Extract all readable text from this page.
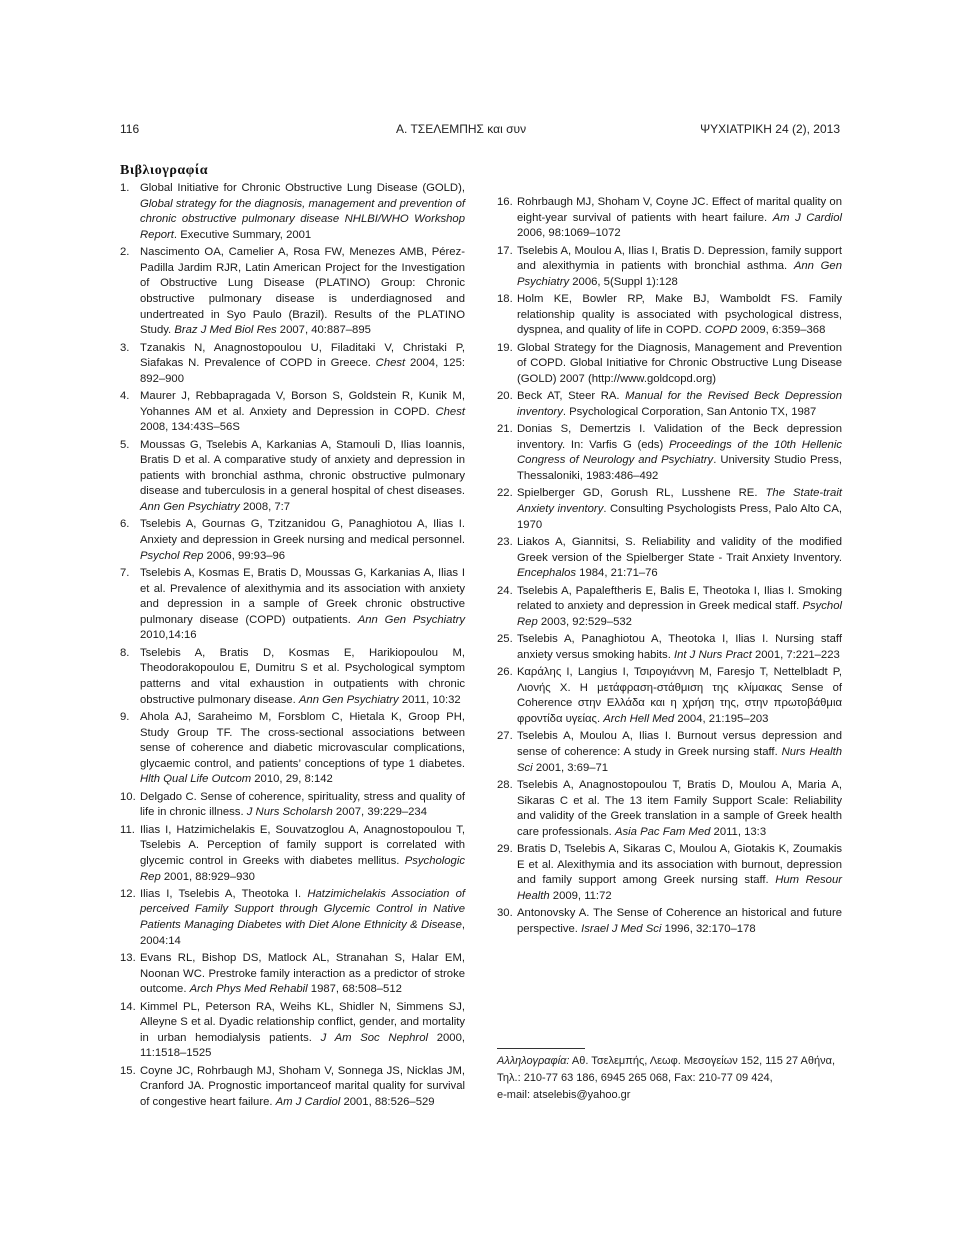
116	Α. ΤΣΕΛΕΜΠΗΣ και συν	ΨΥΧΙΑΤΡΙΚΗ 24 (2), 2013
Βιβλιογραφία
1. Global Initiative for Chronic Obstructive Lung Disease (GOLD), Global strategy for the diagnosis, management and prevention of chronic obstructive pulmonary disease NHLBI/WHO Workshop Report. Executive Summary, 2001
2. Nascimento OA, Camelier A, Rosa FW, Menezes AMB, Pérez-Padilla Jardim RJR, Latin American Project for the Investigation of Obstructive Lung Disease (PLATINO) Group: Chronic obstructive pulmonary disease is underdiagnosed and undertreated in Syo Paulo (Brazil). Results of the PLATINO Study. Braz J Med Biol Res 2007, 40:887–895
3. Tzanakis N, Anagnostopoulou U, Filaditaki V, Christaki P, Siafakas N. Prevalence of COPD in Greece. Chest 2004, 125: 892–900
4. Maurer J, Rebbapragada V, Borson S, Goldstein R, Kunik M, Yohannes AM et al. Anxiety and Depression in COPD. Chest 2008, 134:43S–56S
5. Moussas G, Tselebis A, Karkanias A, Stamouli D, Ilias Ioannis, Bratis D et al. A comparative study of anxiety and depression in patients with bronchial asthma, chronic obstructive pulmonary disease and tuberculosis in a general hospital of chest diseases. Ann Gen Psychiatry 2008, 7:7
6. Tselebis A, Gournas G, Tzitzanidou G, Panaghiotou A, Ilias I. Anxiety and depression in Greek nursing and medical personnel. Psychol Rep 2006, 99:93–96
7. Tselebis A, Kosmas E, Bratis D, Moussas G, Karkanias A, Ilias I et al. Prevalence of alexithymia and its association with anxiety and depression in a sample of Greek chronic obstructive pulmonary disease (COPD) outpatients. Ann Gen Psychiatry 2010,14:16
8. Tselebis A, Bratis D, Kosmas E, Harikiopoulou M, Theodorakopoulou E, Dumitru S et al. Psychological symptom patterns and vital exhaustion in outpatients with chronic obstructive pulmonary disease. Ann Gen Psychiatry 2011, 10:32
9. Ahola AJ, Saraheimo M, Forsblom C, Hietala K, Groop PH, Study Group TF. The cross-sectional associations between sense of coherence and diabetic microvascular complications, glycaemic control, and patients’ conceptions of type 1 diabetes. Hlth Qual Life Outcom 2010, 29, 8:142
10. Delgado C. Sense of coherence, spirituality, stress and quality of life in chronic illness. J Nurs Scholarsh 2007, 39:229–234
11. Ilias I, Hatzimichelakis E, Souvatzoglou A, Anagnostopoulou T, Tselebis A. Perception of family support is correlated with glycemic control in Greeks with diabetes mellitus. Psychologic Rep 2001, 88:929–930
12. Ilias I, Tselebis A, Theotoka I. Hatzimichelakis Association of perceived Family Support through Glycemic Control in Native Patients Managing Diabetes with Diet Alone Ethnicity & Disease, 2004:14
13. Evans RL, Bishop DS, Matlock AL, Stranahan S, Halar EM, Noonan WC. Prestroke family interaction as a predictor of stroke outcome. Arch Phys Med Rehabil 1987, 68:508–512
14. Kimmel PL, Peterson RA, Weihs KL, Shidler N, Simmens SJ, Alleyne S et al. Dyadic relationship conflict, gender, and mortality in urban hemodialysis patients. J Am Soc Nephrol 2000, 11:1518–1525
15. Coyne JC, Rohrbaugh MJ, Shoham V, Sonnega JS, Nicklas JM, Cranford JA. Prognostic importanceof marital quality for survival of congestive heart failure. Am J Cardiol 2001, 88:526–529
16. Rohrbaugh MJ, Shoham V, Coyne JC. Effect of marital quality on eight-year survival of patients with heart failure. Am J Cardiol 2006, 98:1069–1072
17. Tselebis A, Moulou A, Ilias I, Bratis D. Depression, family support and alexithymia in patients with bronchial asthma. Ann Gen Psychiatry 2006, 5(Suppl 1):128
18. Holm KE, Bowler RP, Make BJ, Wamboldt FS. Family relationship quality is associated with psychological distress, dyspnea, and quality of life in COPD. COPD 2009, 6:359–368
19. Global Strategy for the Diagnosis, Management and Prevention of COPD. Global Initiative for Chronic Obstructive Lung Disease (GOLD) 2007 (http://www.goldcopd.org)
20. Beck AT, Steer RA. Manual for the Revised Beck Depression inventory. Psychological Corporation, San Antonio TX, 1987
21. Donias S, Demertzis I. Validation of the Beck depression inventory. In: Varfis G (eds) Proceedings of the 10th Hellenic Congress of Neurology and Psychiatry. University Studio Press, Thessaloniki, 1983:486–492
22. Spielberger GD, Gorush RL, Lusshene RE. The State-trait Anxiety inventory. Consulting Psychologists Press, Palo Alto CA, 1970
23. Liakos A, Giannitsi, S. Reliability and validity of the modified Greek version of the Spielberger State - Trait Anxiety Inventory. Encephalos 1984, 21:71–76
24. Tselebis A, Papaleftheris E, Balis E, Theotoka I, Ilias I. Smoking related to anxiety and depression in Greek medical staff. Psychol Rep 2003, 92:529–532
25. Tselebis A, Panaghiotou A, Theotoka I, Ilias I. Nursing staff anxiety versus smoking habits. Int J Nurs Pract 2001, 7:221–223
26. Καράλης Ι, Langius I, Τσιρογιάννη Μ, Faresjo T, Nettelbladt P, Λιονής Χ. Η μετάφραση-στάθμιση της κλίμακας Sense of Coherence στην Ελλάδα και η χρήση της, στην πρωτοβάθμια φροντίδα υγείας. Arch Hell Med 2004, 21:195–203
27. Tselebis A, Moulou A, Ilias I. Burnout versus depression and sense of coherence: A study in Greek nursing staff. Nurs Health Sci 2001, 3:69–71
28. Tselebis A, Anagnostopoulou T, Bratis D, Moulou A, Maria A, Sikaras C et al. The 13 item Family Support Scale: Reliability and validity of the Greek translation in a sample of Greek health care professionals. Asia Pac Fam Med 2011, 13:3
29. Bratis D, Tselebis A, Sikaras C, Moulou A, Giotakis K, Zoumakis E et al. Alexithymia and its association with burnout, depression and family support among Greek nursing staff. Hum Resour Health 2009, 11:72
30. Antonovsky A. The Sense of Coherence an historical and future perspective. Israel J Med Sci 1996, 32:170–178
Αλληλογραφία: Αθ. Τσελεμπής, Λεωφ. Μεσογείων 152, 115 27 Αθήνα,
Τηλ.: 210-77 63 186, 6945 265 068, Fax: 210-77 09 424,
e-mail: atselebis@yahoo.gr
